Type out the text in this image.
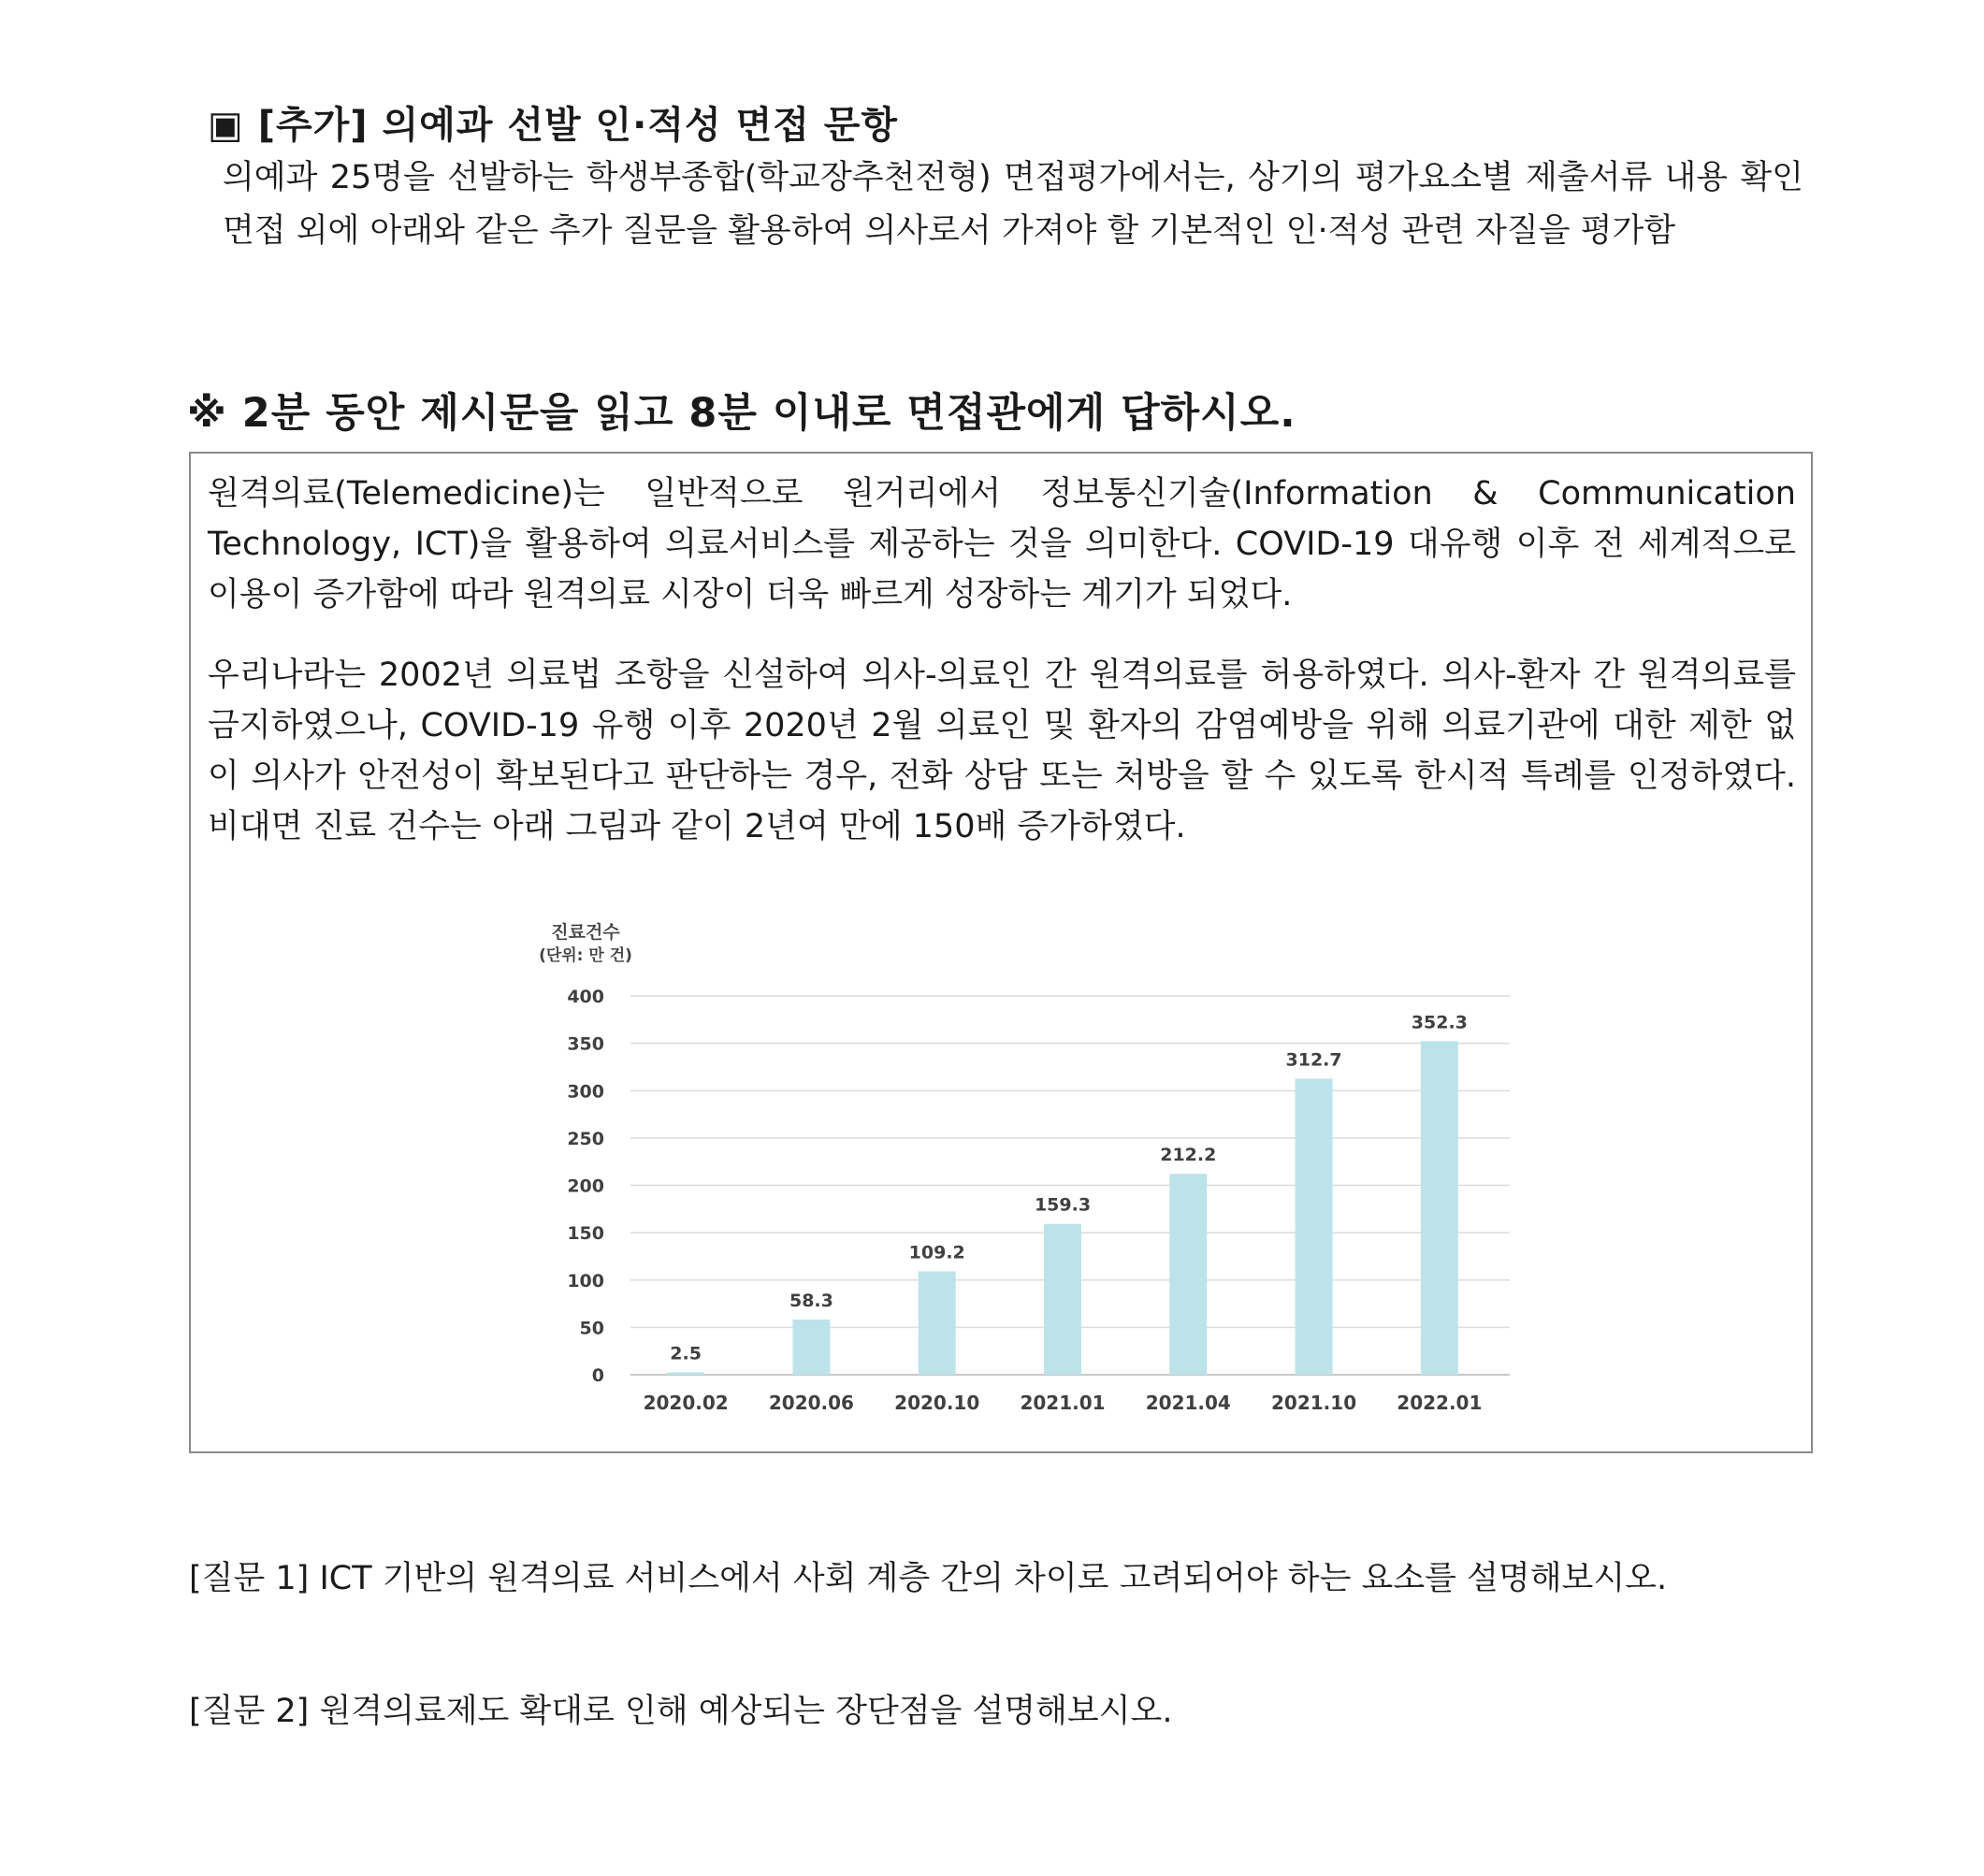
▣ [추가] 의예과 선발 인·적성 면접 문항

의예과 25명을 선발하는 학생부종합(학교장추천전형) 면접평가에서는, 상기의 평가요소별 제출서류 내용 확인 면접 외에 아래와 같은 추가 질문을 활용하여 의사로서 가져야 할 기본적인 인·적성 관련 자질을 평가함

※ 2분 동안 제시문을 읽고 8분 이내로 면접관에게 답하시오.

원격의료(Telemedicine)는 일반적으로 원거리에서 정보통신기술(Information & Communication Technology, ICT)을 활용하여 의료서비스를 제공하는 것을 의미한다. COVID-19 대유행 이후 전 세계적으로 이용이 증가함에 따라 원격의료 시장이 더욱 빠르게 성장하는 계기가 되었다.

우리나라는 2002년 의료법 조항을 신설하여 의사-의료인 간 원격의료를 허용하였다. 의사-환자 간 원격의료를 금지하였으나, COVID-19 유행 이후 2020년 2월 의료인 및 환자의 감염예방을 위해 의료기관에 대한 제한 없이 의사가 안전성이 확보된다고 판단하는 경우, 전화 상담 또는 처방을 할 수 있도록 한시적 특례를 인정하였다. 비대면 진료 건수는 아래 그림과 같이 2년여 만에 150배 증가하였다.

진료건수
(단위: 만 건)
0
50
100
150
200
250
300
350
400
2.5
2020.02
58.3
2020.06
109.2
2020.10
159.3
2021.01
212.2
2021.04
312.7
2021.10
352.3
2022.01

[질문 1] ICT 기반의 원격의료 서비스에서 사회 계층 간의 차이로 고려되어야 하는 요소를 설명해보시오.

[질문 2] 원격의료제도 확대로 인해 예상되는 장단점을 설명해보시오.
